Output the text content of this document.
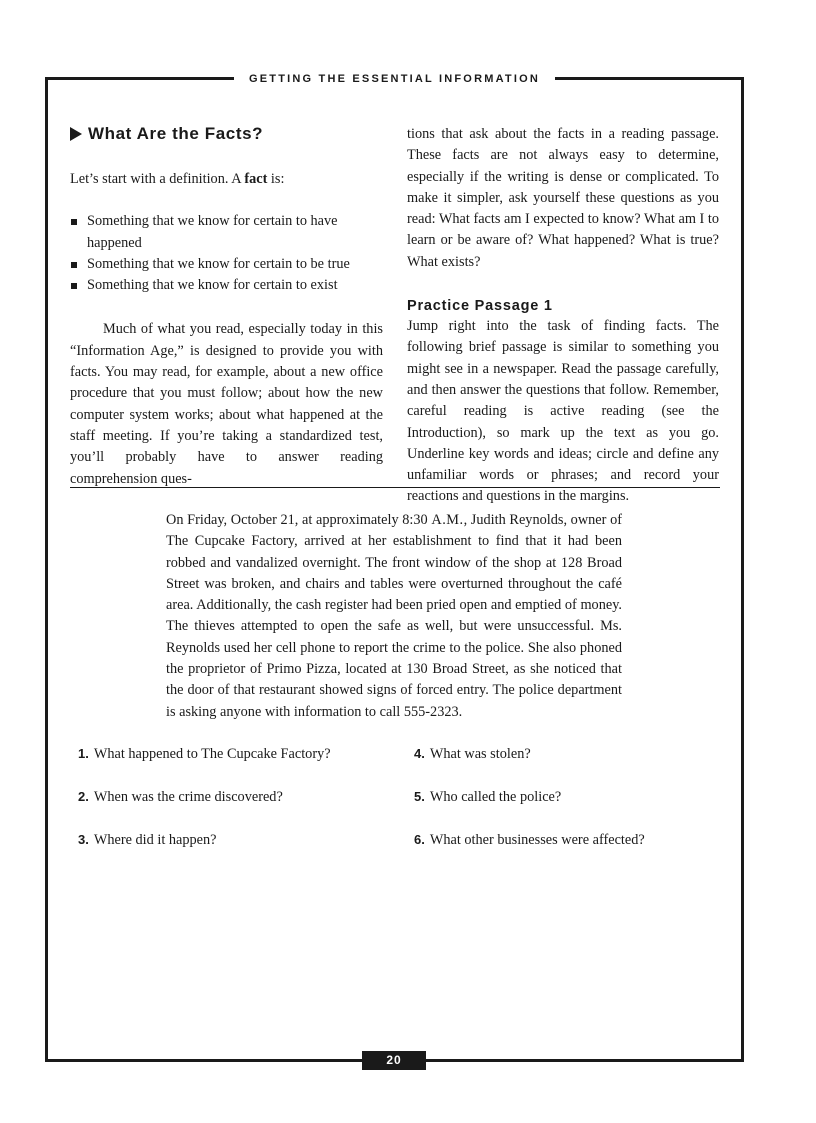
GETTING THE ESSENTIAL INFORMATION
20
What Are the Facts?

Let’s start with a definition. A fact is:

Something that we know for certain to have happened
Something that we know for certain to be true
Something that we know for certain to exist

Much of what you read, especially today in this “Information Age,” is designed to provide you with facts. You may read, for example, about a new office procedure that you must follow; about how the new computer system works; about what happened at the staff meeting. If you’re taking a standardized test, you’ll probably have to answer reading comprehension ques-

tions that ask about the facts in a reading passage. These facts are not always easy to determine, especially if the writing is dense or complicated. To make it simpler, ask yourself these questions as you read: What facts am I expected to know? What am I to learn or be aware of? What happened? What is true? What exists?

Practice Passage 1

Jump right into the task of finding facts. The following brief passage is similar to something you might see in a newspaper. Read the passage carefully, and then answer the questions that follow. Remember, careful reading is active reading (see the Introduction), so mark up the text as you go. Underline key words and ideas; circle and define any unfamiliar words or phrases; and record your reactions and questions in the margins.

On Friday, October 21, at approximately 8:30 A.M., Judith Reynolds, owner of The Cupcake Factory, arrived at her establishment to find that it had been robbed and vandalized overnight. The front window of the shop at 128 Broad Street was broken, and chairs and tables were overturned throughout the café area. Additionally, the cash register had been pried open and emptied of money. The thieves attempted to open the safe as well, but were unsuccessful. Ms. Reynolds used her cell phone to report the crime to the police. She also phoned the proprietor of Primo Pizza, located at 130 Broad Street, as she noticed that the door of that restaurant showed signs of forced entry. The police department is asking anyone with information to call 555-2323.
1. What happened to The Cupcake Factory?
2. When was the crime discovered?
3. Where did it happen?
4. What was stolen?
5. Who called the police?
6. What other businesses were affected?
